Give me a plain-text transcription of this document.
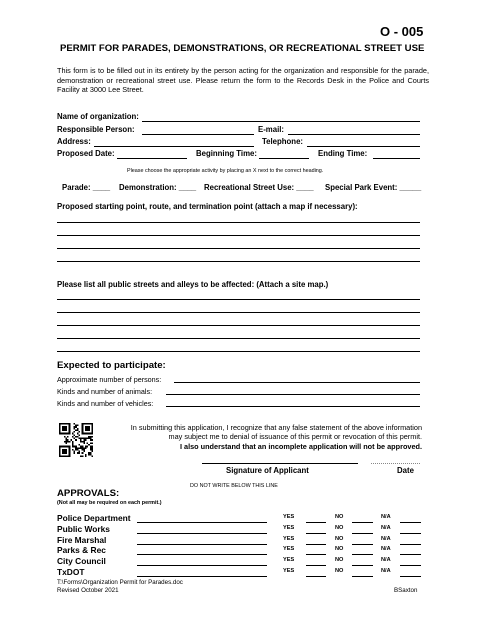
O - 005
PERMIT FOR PARADES, DEMONSTRATIONS, OR RECREATIONAL STREET USE
This form is to be filled out in its entirety by the person acting for the organization and responsible for the parade, demonstration or recreational street use. Please return the form to the Records Desk in the Police and Courts Facility at 3000 Lee Street.
Name of organization:
Responsible Person:	E-mail:
Address:	Telephone:
Proposed Date:	Beginning Time:	Ending Time:
Please choose the appropriate activity by placing an X next to the correct heading.
Parade: ____ Demonstration: ____ Recreational Street Use: ____ Special Park Event: _____
Proposed starting point, route, and termination point (attach a map if necessary):
Please list all public streets and alleys to be affected: (Attach a site map.)
Expected to participate:
Approximate number of persons:
Kinds and number of animals:
Kinds and number of vehicles:
In submitting this application, I recognize that any false statement of the above information
may subject me to denial of issuance of this permit or revocation of this permit.
I also understand that an incomplete application will not be approved.
Signature of Applicant	Date
DO NOT WRITE BELOW THIS LINE
APPROVALS:
(Not all may be required on each permit.)
Police Department	YES	NO	N/A
Public Works	YES	NO	N/A
Fire Marshal	YES	NO	N/A
Parks & Rec	YES	NO	N/A
City Council	YES	NO	N/A
TxDOT	YES	NO	N/A
T:\Forms\Organization Permit for Parades.doc
Revised October 2021	BSaxton
